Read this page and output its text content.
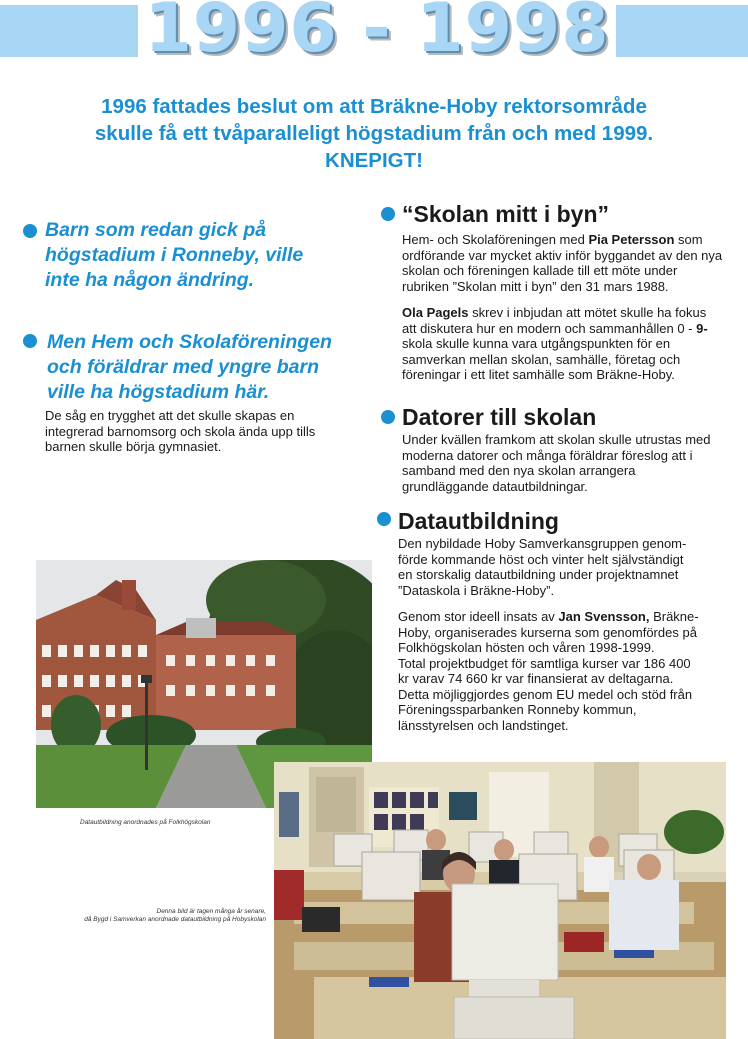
1996 - 1998
1996 fattades beslut om att Bräkne-Hoby rektorsområde
skulle få ett tvåparalleligt högstadium från och med 1999.
KNEPIGT!
Barn som redan gick på
högstadium i Ronneby, ville
inte ha någon ändring.
Men Hem och Skolaföreningen
och föräldrar med yngre barn
ville ha högstadium här.
De såg en trygghet att det skulle skapas en
integrerad barnomsorg och skola ända upp tills
barnen skulle börja gymnasiet.
“Skolan mitt i byn”

Hem- och Skolaföreningen med Pia Petersson som ordförande var mycket aktiv inför byggandet av den nya skolan och föreningen kallade till ett möte under rubriken ”Skolan mitt i byn” den 31 mars 1988.

Ola Pagels skrev i inbjudan att mötet skulle ha fokus att diskutera hur en modern och sammanhållen 0 - 9- skola skulle kunna vara utgångspunkten för en samverkan mellan skolan, samhälle, företag och föreningar i ett litet samhälle som Bräkne-Hoby.

Datorer till skolan
Under kvällen framkom att skolan skulle utrustas med moderna datorer och många föräldrar föreslog att i samband med den nya skolan arrangera grundläggande datautbildningar.
Datautbildning

Den nybildade Hoby Samverkansgruppen genom-förde kommande höst och vinter helt självständigt en storskalig datautbildning under projektnamnet ”Dataskola i Bräkne-Hoby”.

Genom stor ideell insats av Jan Svensson, Bräkne-Hoby, organiserades kurserna som genomfördes på Folkhögskolan hösten och våren 1998-1999.

Total projektbudget för samtliga kurser var 186 400 kr varav 74 660 kr var finansierat av deltagarna. Detta möjliggjordes genom EU medel och stöd från Föreningssparbanken Ronneby kommun, länsstyrelsen och landstinget.

Datautbildning anordnades på Folkhögskolan
Denna bild är tagen många år senare,
då Bygd i Samverkan anordnade datautbildning på Hobyskolan
